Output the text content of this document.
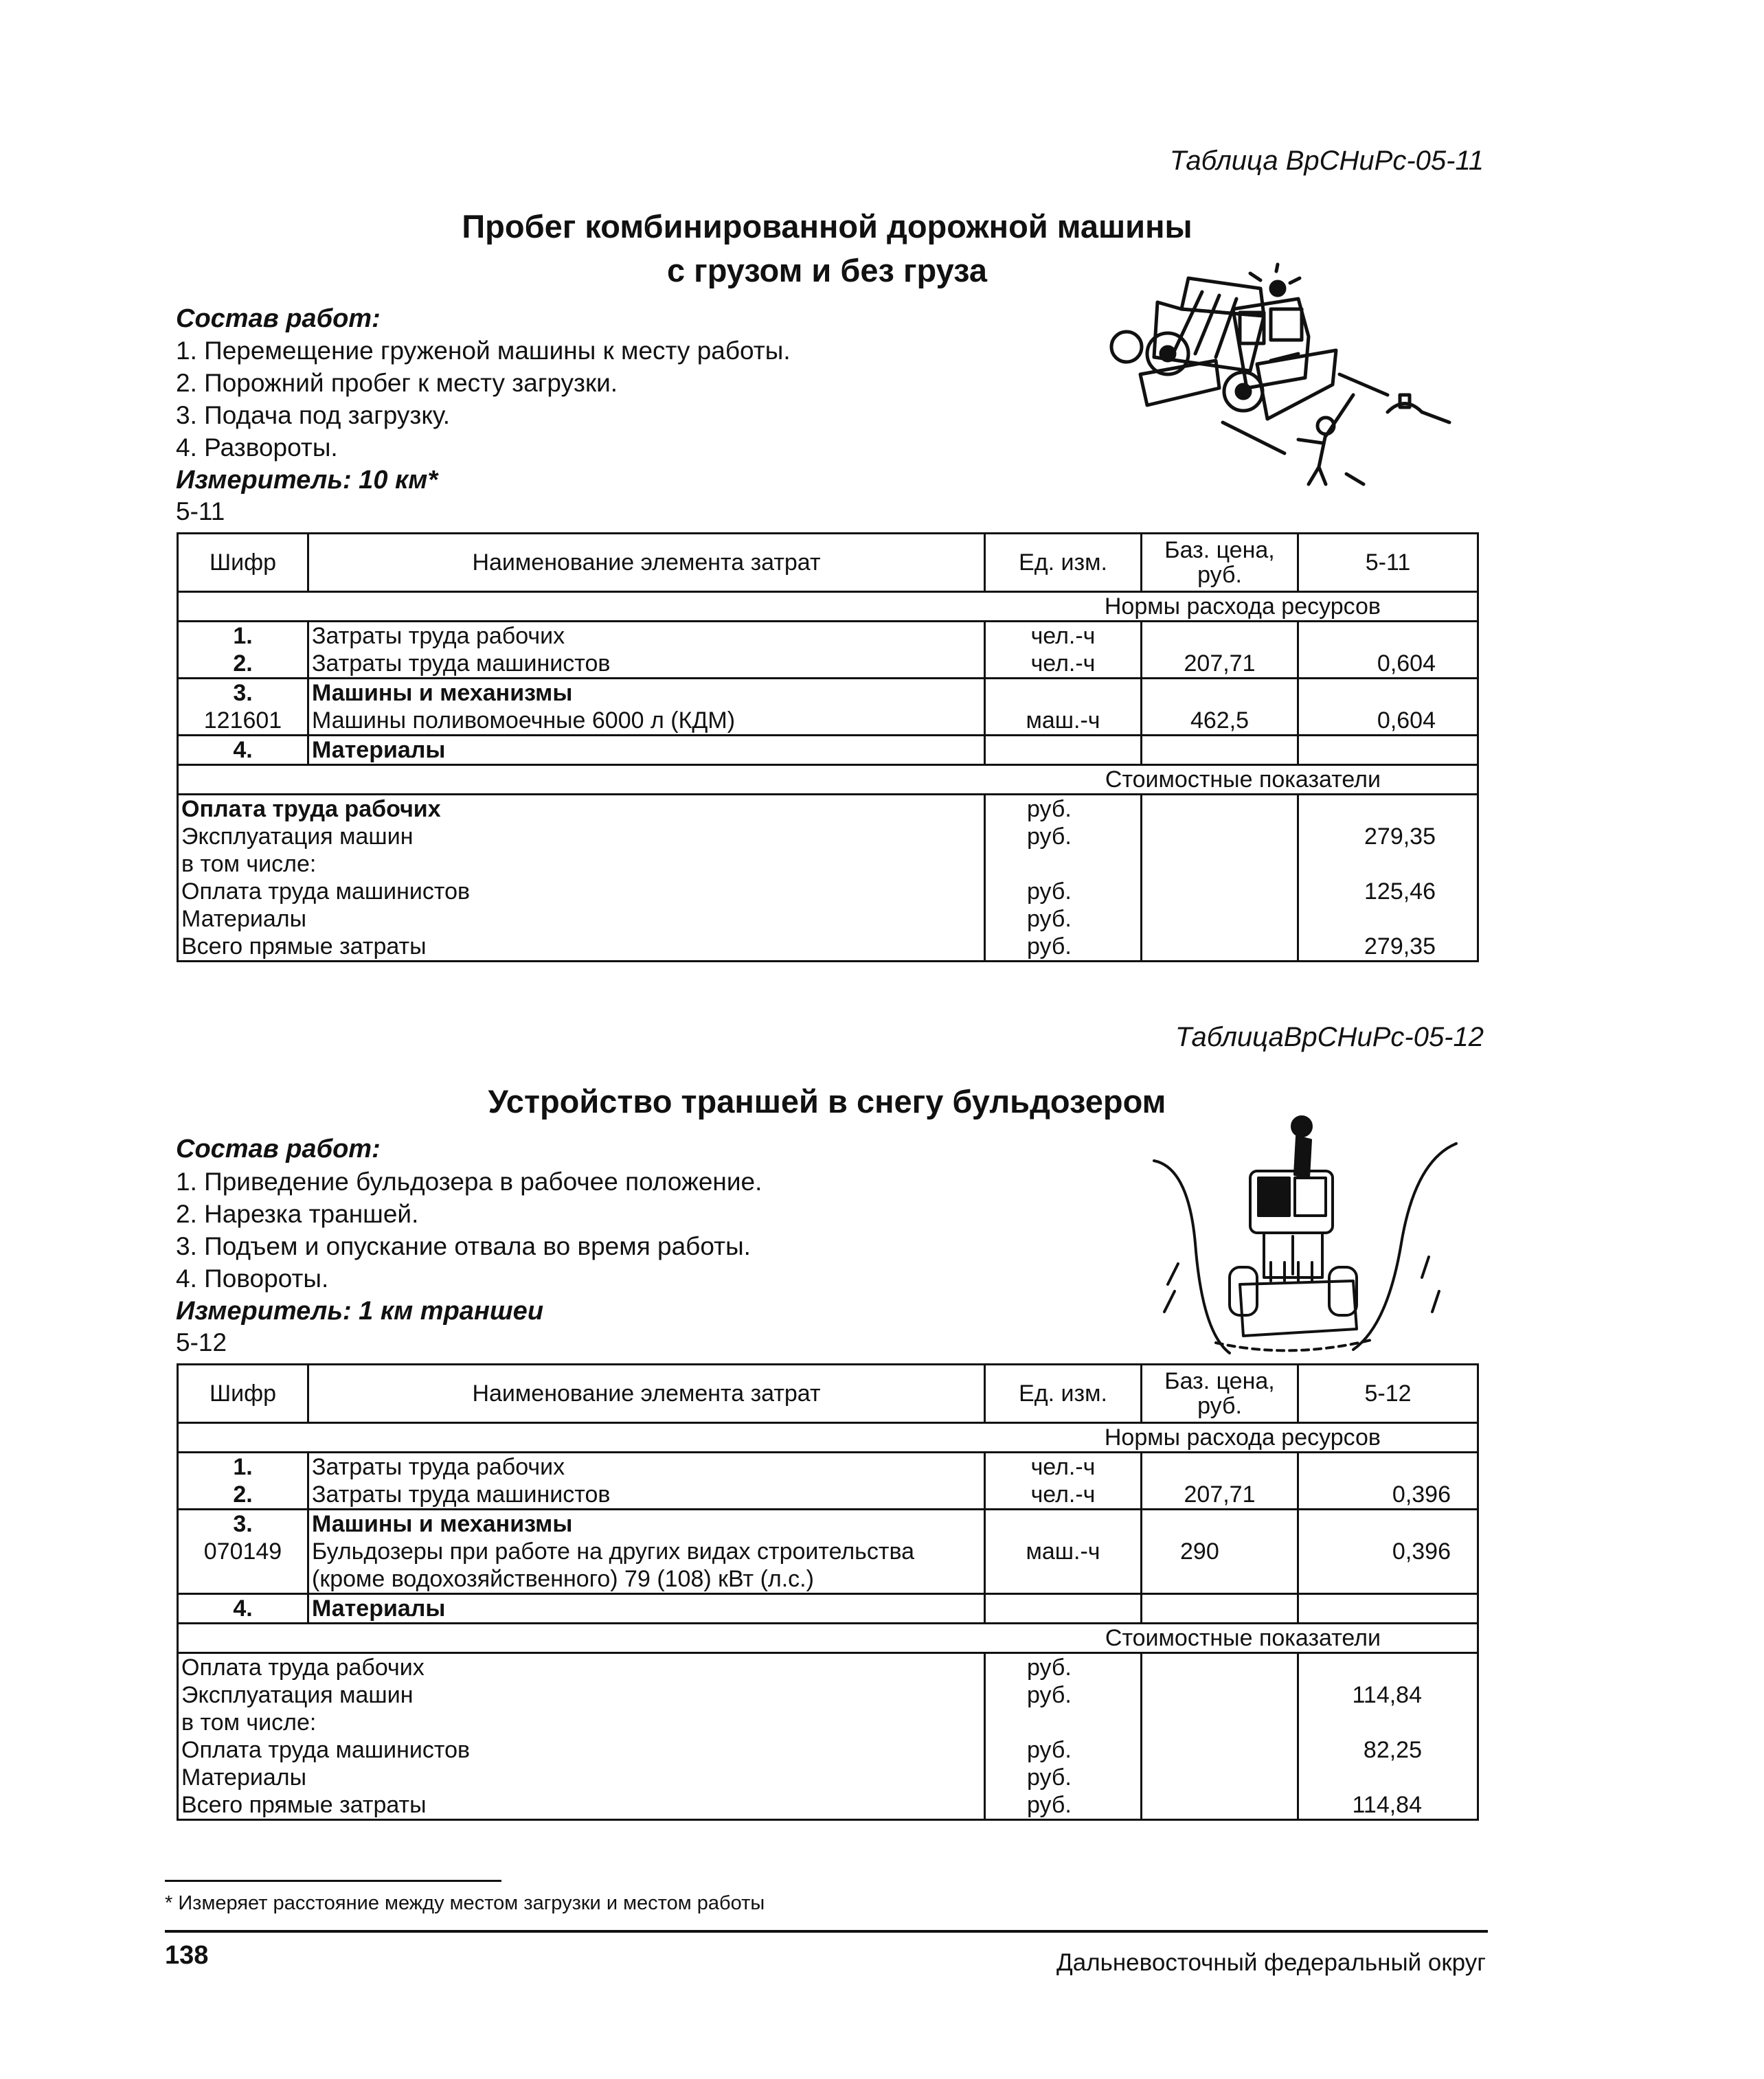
Таблица ВрСНиРс-05-11
Пробег комбинированной дорожной машины
с грузом и без груза
Состав работ:
1. Перемещение груженой машины к месту работы.
2. Порожний пробег к месту загрузки.
3. Подача под загрузку.
4. Развороты.
Измеритель: 10 км*
5-11
Шифр	Наименование элемента затрат	Ед. изм.	Баз. цена, руб.	5-11
Нормы расхода ресурсов				
1.	Затраты труда рабочих	чел.-ч		
2.	Затраты труда машинистов	чел.-ч	207,71	0,604
3.	Машины и механизмы			
121601	Машины поливомоечные 6000 л (КДМ)	маш.-ч	462,5	0,604
4.	Материалы			
Стоимостные показатели				
Оплата труда рабочих		руб.		
Эксплуатация машин		руб.		279,35
в том числе:				
Оплата труда машинистов		руб.		125,46
Материалы		руб.		
Всего прямые затраты		руб.		279,35
ТаблицаВрСНиРс-05-12
Устройство траншей в снегу бульдозером
Состав работ:
1. Приведение бульдозера в рабочее положение.
2. Нарезка траншей.
3. Подъем и опускание отвала во время работы.
4. Повороты.
Измеритель: 1 км траншеи
5-12
Шифр	Наименование элемента затрат	Ед. изм.	Баз. цена, руб.	5-12
Нормы расхода ресурсов				
1.	Затраты труда рабочих	чел.-ч		
2.	Затраты труда машинистов	чел.-ч	207,71	0,396
3.	Машины и механизмы			
070149	Бульдозеры при работе на других видах строительства	маш.-ч	290	0,396
	(кроме водохозяйственного) 79 (108) кВт (л.с.)			
4.	Материалы			
Стоимостные показатели				
Оплата труда рабочих		руб.		
Эксплуатация машин		руб.		114,84
в том числе:				
Оплата труда машинистов		руб.		82,25
Материалы		руб.		
Всего прямые затраты		руб.		114,84
* Измеряет расстояние между местом загрузки и местом работы
138	Дальневосточный федеральный округ
